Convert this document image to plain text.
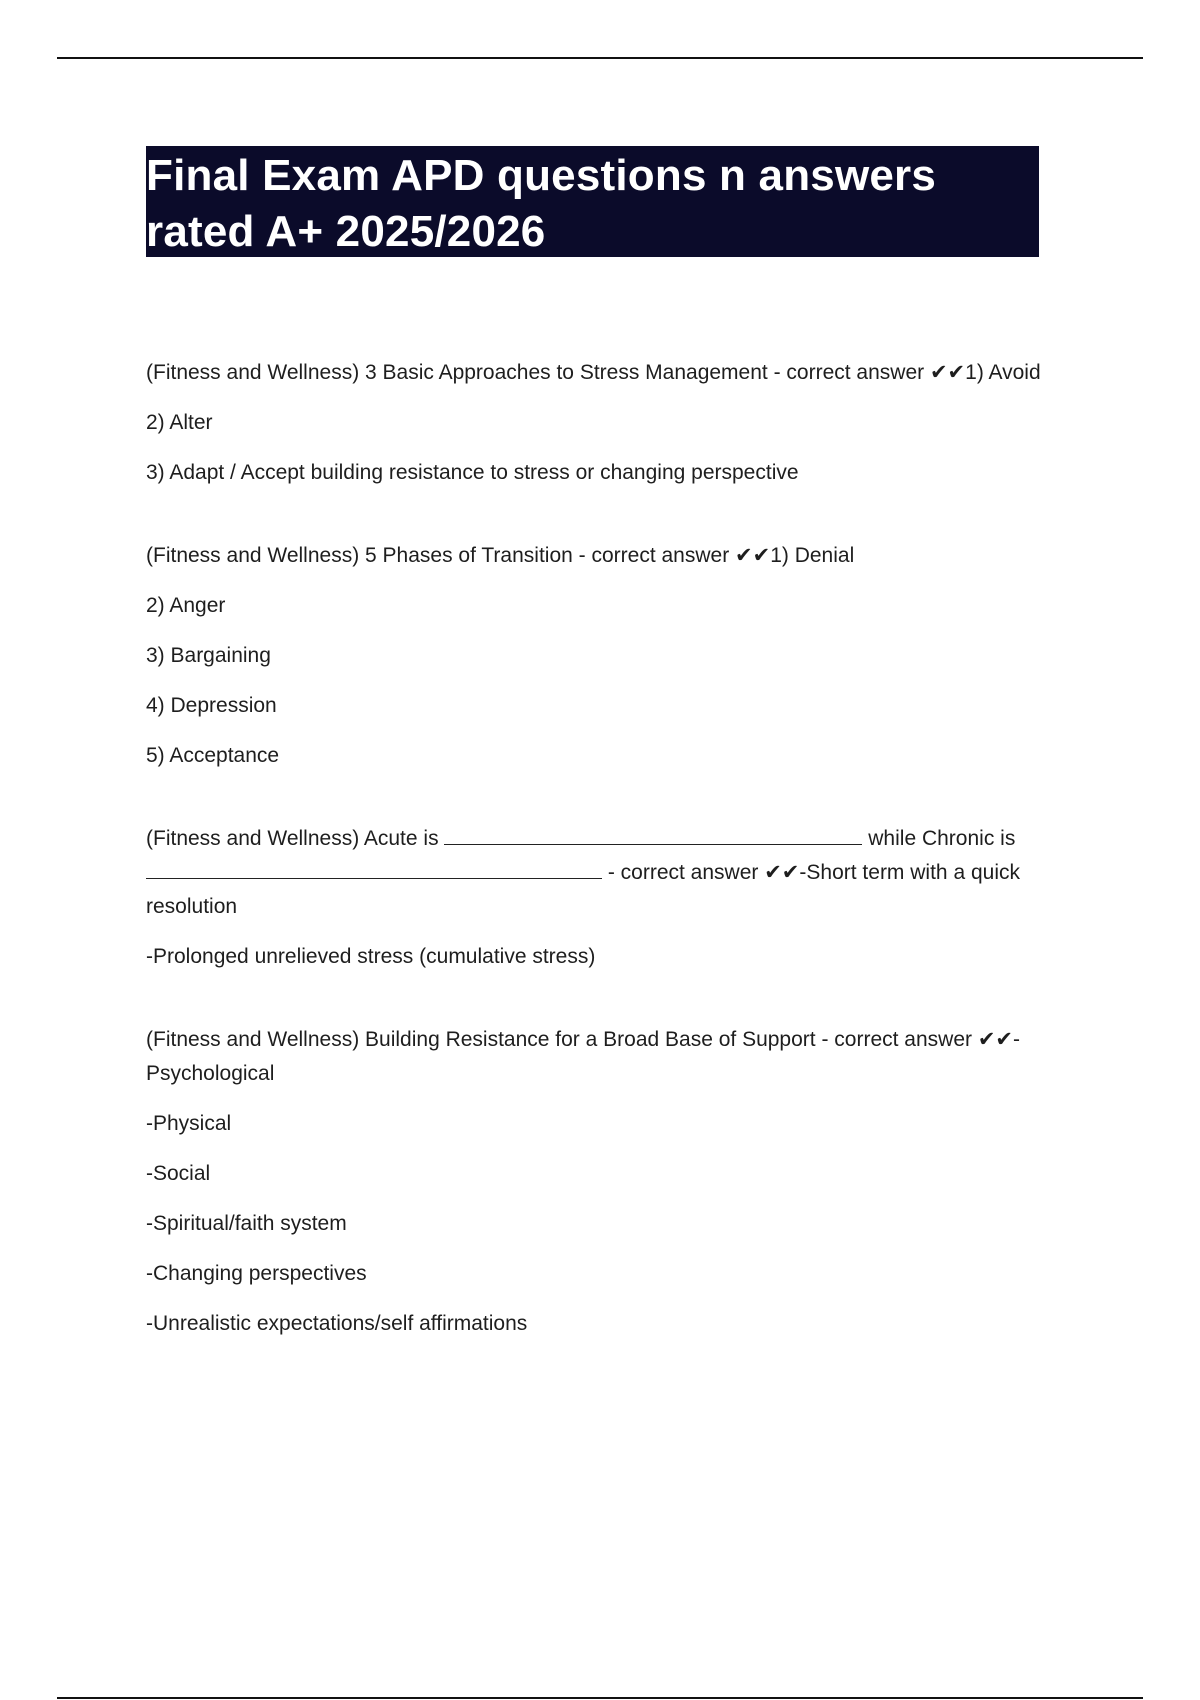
Final Exam APD questions n answers
rated A+ 2025/2026

(Fitness and Wellness) 3 Basic Approaches to Stress Management - correct answer ✔✔1) Avoid

2) Alter

3) Adapt / Accept building resistance to stress or changing perspective

(Fitness and Wellness) 5 Phases of Transition - correct answer ✔✔1) Denial

2) Anger

3) Bargaining

4) Depression

5) Acceptance

(Fitness and Wellness) Acute is	while Chronic is
- correct answer ✔✔-Short term with a quick resolution

-Prolonged unrelieved stress (cumulative stress)

(Fitness and Wellness) Building Resistance for a Broad Base of Support - correct answer ✔✔-Psychological

-Physical

-Social

-Spiritual/faith system

-Changing perspectives

-Unrealistic expectations/self affirmations
